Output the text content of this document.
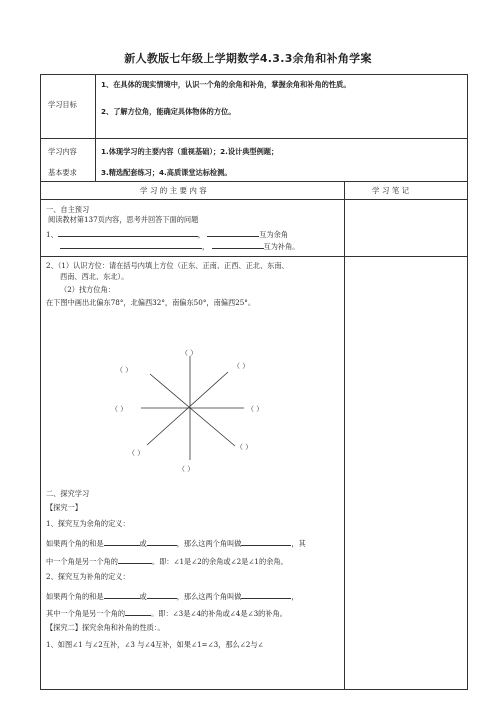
新人教版七年级上学期数学4.3.3余角和补角学案
学习目标
1、在具体的现实情境中，认识一个角的余角和补角，掌握余角和补角的性质。
2、了解方位角，能确定具体物体的方位。
学习内容
基本要求
1.体现学习的主要内容（重视基础）；2.设计典型例题；
3.精选配套练习；4.高质课堂达标检测。
学 习 的 主 要 内 容	学 习 笔 记
一、自主预习
阅读教材第137页内容，思考并回答下面的问题
1、	，	互为余角
，	互为补角。
2、（1）认识方位：请在括号内填上方位（正东、正南、正西、正北、东南、
西南、西北、东北）。
（2）找方位角：
在下图中画出北偏东78°，北偏西32°，南偏东50°，南偏西25°。
（ ）
（ ）
（ ）
（ ）	（ ）
（ ）
（ ）
（ ）
二、探究学习
【探究一】
1、探究互为余角的定义：
如果两个角的和是	或	，那么这两个角叫做	，其
中一个角是另一个角的	。即：∠1是∠2的余角或∠2是∠1的余角。
2、探究互为补角的定义：
如果两个角的和是	或	，那么这两个角叫做	，
其中一个角是另一个角的	。即：∠3是∠4的补角或∠4是∠3的补角。
【探究二】探究余角和补角的性质：。
1、如图∠1 与∠2互补，∠3 与∠4互补，如果∠1=∠3，那么∠2与∠
